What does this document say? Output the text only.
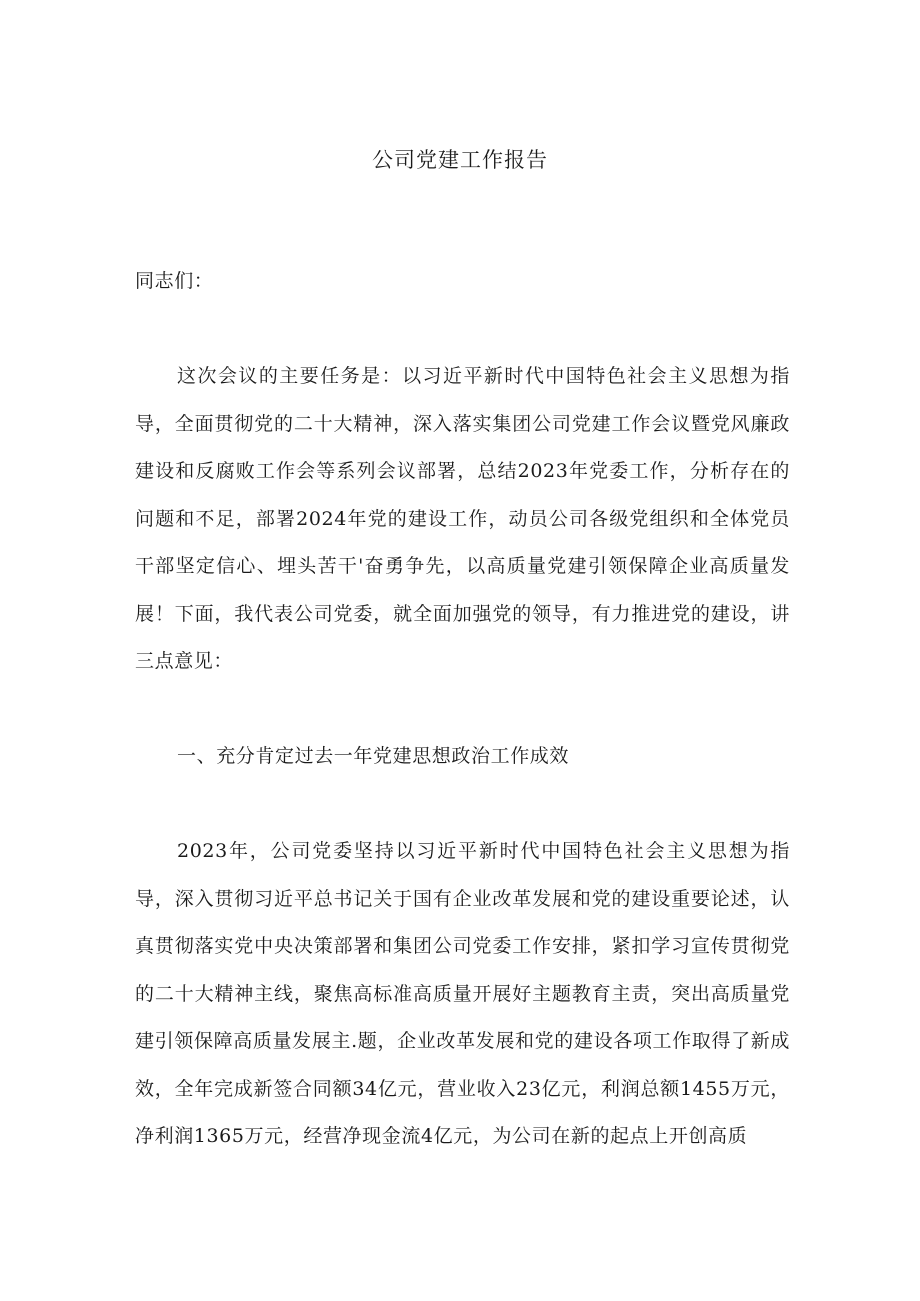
公司党建工作报告
同志们：
这次会议的主要任务是：以习近平新时代中国特色社会主义思想为指导，全面贯彻党的二十大精神，深入落实集团公司党建工作会议暨党风廉政建设和反腐败工作会等系列会议部署，总结2023年党委工作，分析存在的问题和不足，部署2024年党的建设工作，动员公司各级党组织和全体党员干部坚定信心、埋头苦干'奋勇争先，以高质量党建引领保障企业高质量发展！下面，我代表公司党委，就全面加强党的领导，有力推进党的建设，讲三点意见：
一、充分肯定过去一年党建思想政治工作成效
2023年，公司党委坚持以习近平新时代中国特色社会主义思想为指导，深入贯彻习近平总书记关于国有企业改革发展和党的建设重要论述，认真贯彻落实党中央决策部署和集团公司党委工作安排，紧扣学习宣传贯彻党的二十大精神主线，聚焦高标准高质量开展好主题教育主责，突出高质量党建引领保障高质量发展主.题，企业改革发展和党的建设各项工作取得了新成效，全年完成新签合同额34亿元，营业收入23亿元，利润总额1455万元，净利润1365万元，经营净现金流4亿元，为公司在新的起点上开创高质
